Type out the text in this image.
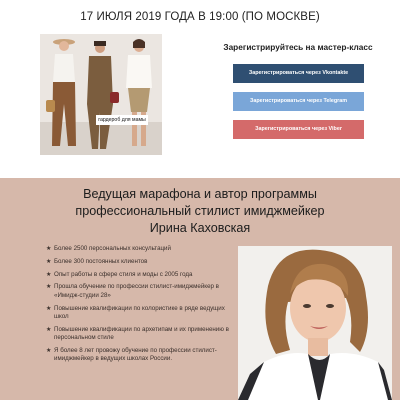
17 ИЮЛЯ 2019 ГОДА В 19:00 (ПО МОСКВЕ)
гардероб для мамы
Зарегистрируйтесь на мастер-класс
Зарегистрироваться через Vkontakte
Зарегистрироваться через Telegram
Зарегистрироваться через Viber
Ведущая марафона и автор программы
профессиональный стилист имиджмейкер
Ирина Каховская
★ Более 2500 персональных консультаций
★ Более 300 постоянных клиентов
★ Опыт работы в сфере стиля и моды с 2005 года
★ Прошла обучение по профессии стилист-имиджмейкер в «Имидж-студии 28»
★ Повышение квалификации по колористике в ряде ведущих школ
★ Повышение квалификации по архетипам и их применению в персональном стиле
★ Я более 8 лет провожу обучение по профессии стилист-имиджмейкер в ведущих школах России.
